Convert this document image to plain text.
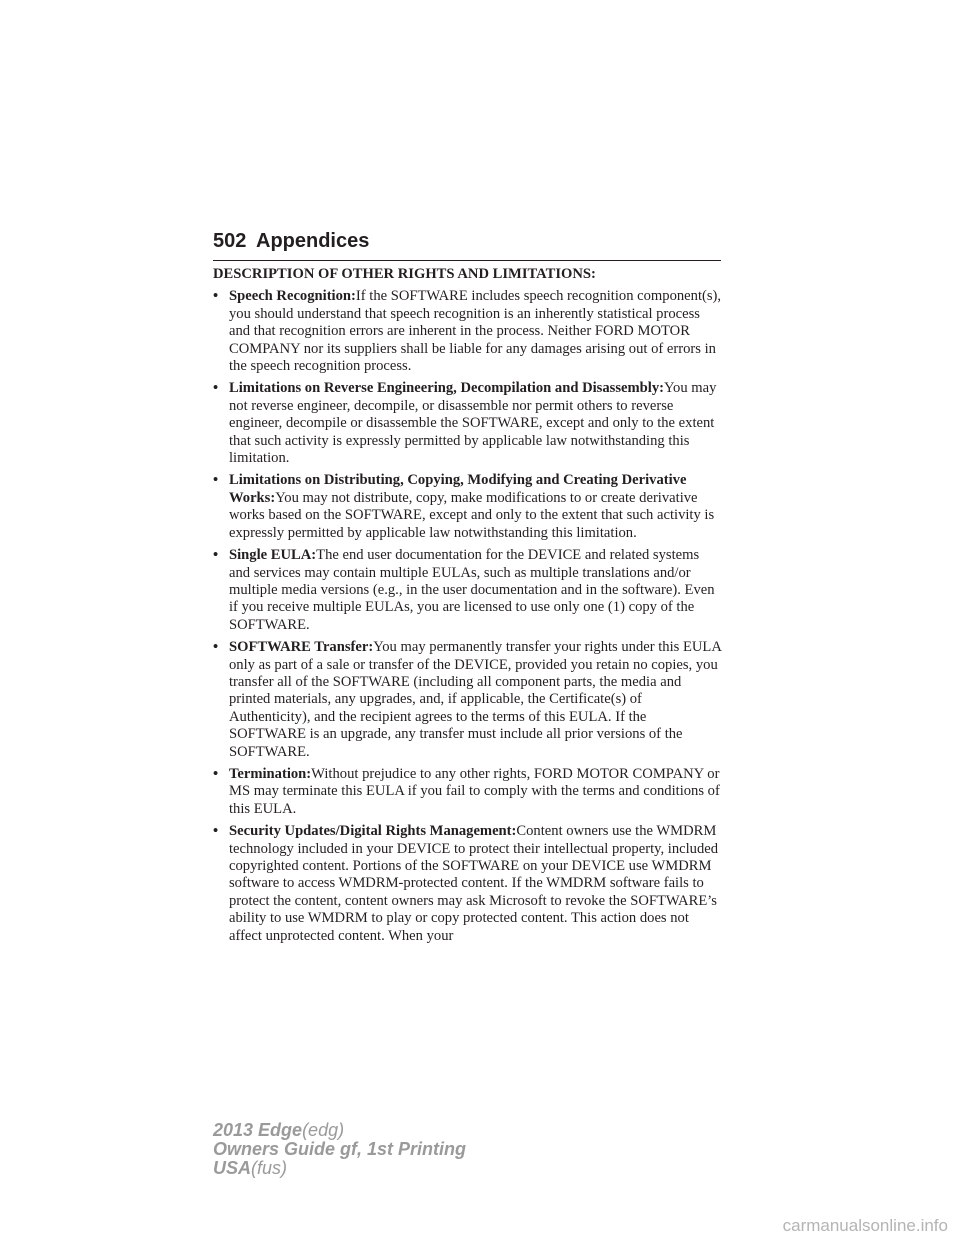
502 Appendices

DESCRIPTION OF OTHER RIGHTS AND LIMITATIONS:

• Speech Recognition:If the SOFTWARE includes speech recognition component(s), you should understand that speech recognition is an inherently statistical process and that recognition errors are inherent in the process. Neither FORD MOTOR COMPANY nor its suppliers shall be liable for any damages arising out of errors in the speech recognition process.
• Limitations on Reverse Engineering, Decompilation and Disassembly:You may not reverse engineer, decompile, or disassemble nor permit others to reverse engineer, decompile or disassemble the SOFTWARE, except and only to the extent that such activity is expressly permitted by applicable law notwithstanding this limitation.
• Limitations on Distributing, Copying, Modifying and Creating Derivative Works:You may not distribute, copy, make modifications to or create derivative works based on the SOFTWARE, except and only to the extent that such activity is expressly permitted by applicable law notwithstanding this limitation.
• Single EULA:The end user documentation for the DEVICE and related systems and services may contain multiple EULAs, such as multiple translations and/or multiple media versions (e.g., in the user documentation and in the software). Even if you receive multiple EULAs, you are licensed to use only one (1) copy of the SOFTWARE.
• SOFTWARE Transfer:You may permanently transfer your rights under this EULA only as part of a sale or transfer of the DEVICE, provided you retain no copies, you transfer all of the SOFTWARE (including all component parts, the media and printed materials, any upgrades, and, if applicable, the Certificate(s) of Authenticity), and the recipient agrees to the terms of this EULA. If the SOFTWARE is an upgrade, any transfer must include all prior versions of the SOFTWARE.
• Termination:Without prejudice to any other rights, FORD MOTOR COMPANY or MS may terminate this EULA if you fail to comply with the terms and conditions of this EULA.
• Security Updates/Digital Rights Management:Content owners use the WMDRM technology included in your DEVICE to protect their intellectual property, included copyrighted content. Portions of the SOFTWARE on your DEVICE use WMDRM software to access WMDRM-protected content. If the WMDRM software fails to protect the content, content owners may ask Microsoft to revoke the SOFTWARE’s ability to use WMDRM to play or copy protected content. This action does not affect unprotected content. When your
2013 Edge(edg)
Owners Guide gf, 1st Printing
USA(fus)
carmanualsonline.info
